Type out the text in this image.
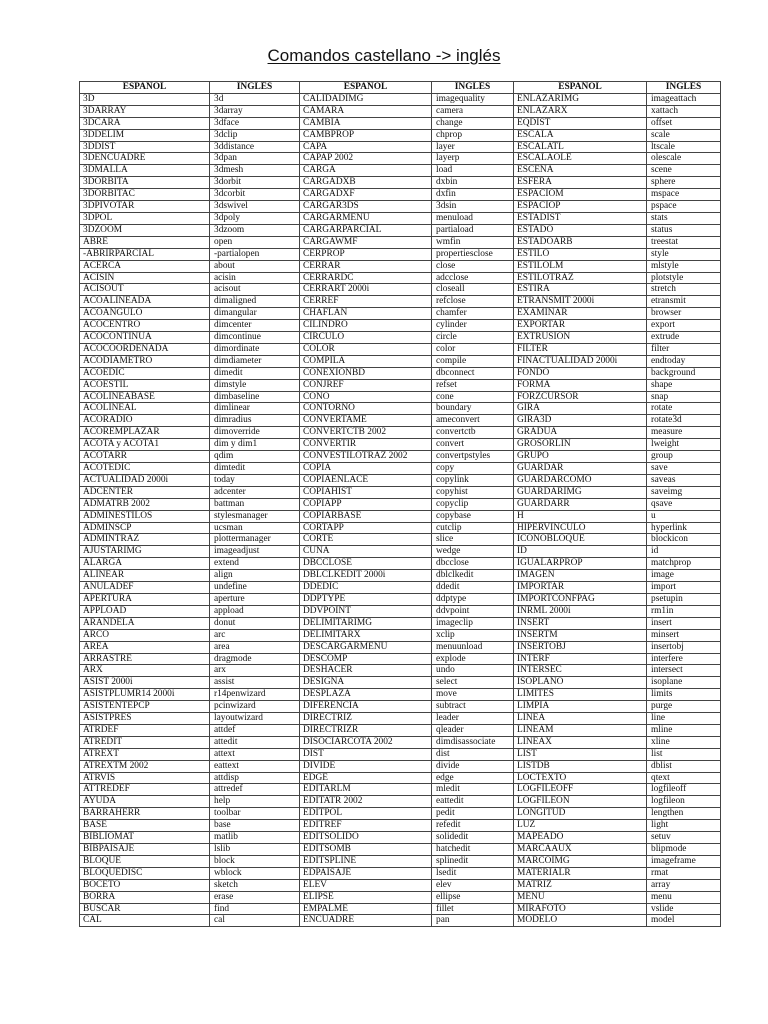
Comandos castellano -> inglés
ESPAÑOL	INGLÉS	ESPAÑOL	INGLÉS	ESPAÑOL	INGLÉS
3D	3d	CALIDADIMG	imagequality	ENLAZARIMG	imageattach
3DARRAY	3darray	CÁMARA	camera	ENLAZARX	xattach
3DCARA	3dface	CAMBIA	change	EQDIST	offset
3DDELIM	3dclip	CAMBPROP	chprop	ESCALA	scale
3DDIST	3ddistance	CAPA	layer	ESCALATL	ltscale
3DENCUADRE	3dpan	CAPAP 2002	layerp	ESCALAOLE	olescale
3DMALLA	3dmesh	CARGA	load	ESCENA	scene
3DÓRBITA	3dorbit	CARGADXB	dxbin	ESFERA	sphere
3DÓRBITAC	3dcorbit	CARGADXF	dxfin	ESPACIOM	mspace
3DPIVOTAR	3dswivel	CARGAR3DS	3dsin	ESPACIOP	pspace
3DPOL	3dpoly	CARGARMENÚ	menuload	ESTADIST	stats
3DZOOM	3dzoom	CARGARPARCIAL	partiaload	ESTADO	status
ABRE	open	CARGAWMF	wmfin	ESTADOARB	treestat
-ABRIRPARCIAL	-partialopen	CERPROP	propertiesclose	ESTILO	style
ACERCA	about	CERRAR	close	ESTILOLM	mlstyle
ACISIN	acisin	CERRARDC	adcclose	ESTILOTRAZ	plotstyle
ACISOUT	acisout	CERRART 2000i	closeall	ESTIRA	stretch
ACOALINEADA	dimaligned	CERREF	refclose	ETRANSMIT 2000i	etransmit
ACOÁNGULO	dimangular	CHAFLÁN	chamfer	EXAMINAR	browser
ACOCENTRO	dimcenter	CILINDRO	cylinder	EXPORTAR	export
ACOCONTINUA	dimcontinue	CÍRCULO	circle	EXTRUSIÓN	extrude
ACOCOORDENADA	dimordinate	COLOR	color	FILTER	filter
ACODIÁMETRO	dimdiameter	COMPILA	compile	FINACTUALIDAD 2000i	endtoday
ACOEDIC	dimedit	CONEXIÓNBD	dbconnect	FONDO	background
ACOESTIL	dimstyle	CONJREF	refset	FORMA	shape
ACOLINEABASE	dimbaseline	CONO	cone	FORZCURSOR	snap
ACOLINEAL	dimlinear	CONTORNO	boundary	GIRA	rotate
ACORADIO	dimradius	CONVERTAME	ameconvert	GIRA3D	rotate3d
ACOREMPLAZAR	dimoverride	CONVERTCTB 2002	convertctb	GRADÚA	measure
ACOTA y ACOTA1	dim y dim1	CONVERTIR	convert	GROSORLIN	lweight
ACOTARR	qdim	CONVESTILOTRAZ 2002	convertpstyles	GRUPO	group
ACOTEDIC	dimtedit	COPIA	copy	GUARDAR	save
ACTUALIDAD 2000i	today	COPIAENLACE	copylink	GUARDARCOMO	saveas
ADCENTER	adcenter	COPIAHIST	copyhist	GUARDARIMG	saveimg
ADMATRB 2002	battman	COPIAPP	copyclip	GUARDARR	qsave
ADMINESTILOS	stylesmanager	COPIARBASE	copybase	H	u
ADMINSCP	ucsman	CORTAPP	cutclip	HIPERVÍNCULO	hyperlink
ADMINTRAZ	plottermanager	CORTE	slice	ICONOBLOQUE	blockicon
AJUSTARIMG	imageadjust	CUÑA	wedge	ID	id
ALARGA	extend	DBCCLOSE	dbcclose	IGUALARPROP	matchprop
ALINEAR	align	DBLCLKEDIT 2000i	dblclkedit	IMAGEN	image
ANULADEF	undefine	DDEDIC	ddedit	IMPORTAR	import
APERTURA	aperture	DDPTYPE	ddptype	IMPORTCONFPAG	psetupin
APPLOAD	appload	DDVPOINT	ddvpoint	INRML 2000i	rm1in
ARANDELA	donut	DELIMITARIMG	imageclip	INSERT	insert
ARCO	arc	DELIMITARX	xclip	INSERTM	minsert
ÁREA	area	DESCARGARMENÚ	menuunload	INSERTOBJ	insertobj
ARRASTRE	dragmode	DESCOMP	explode	INTERF	interfere
ARX	arx	DESHACER	undo	INTERSEC	intersect
ASIST 2000i	assist	DESIGNA	select	ISOPLANO	isoplane
ASISTPLUMR14 2000i	r14penwizard	DESPLAZA	move	LÍMITES	limits
ASISTENTEPCP	pcinwizard	DIFERENCIA	subtract	LIMPIA	purge
ASISTPRES	layoutwizard	DIRECTRIZ	leader	LÍNEA	line
ATRDEF	attdef	DIRECTRIZR	qleader	LINEAM	mline
ATREDIT	attedit	DISOCIARCOTA 2002	dimdisassociate	LÍNEAX	xline
ATREXT	attext	DIST	dist	LIST	list
ATREXTM 2002	eattext	DIVIDE	divide	LISTDB	dblist
ATRVIS	attdisp	EDGE	edge	LOCTEXTO	qtext
ATTREDEF	attredef	EDITARLM	mledit	LOGFILEOFF	logfileoff
AYUDA	help	EDITATR 2002	eattedit	LOGFILEON	logfileon
BARRAHERR	toolbar	EDITPOL	pedit	LONGITUD	lengthen
BASE	base	EDITREF	refedit	LUZ	light
BIBLIOMAT	matlib	EDITSÓLIDO	solidedit	MAPEADO	setuv
BIBPAISAJE	lslib	EDITSOMB	hatchedit	MARCAAUX	blipmode
BLOQUE	block	EDITSPLINE	splinedit	MARCOIMG	imageframe
BLOQUEDISC	wblock	EDPAISAJE	lsedit	MATERIALR	rmat
BOCETO	sketch	ELEV	elev	MATRIZ	array
BORRA	erase	ELIPSE	ellipse	MENÚ	menu
BUSCAR	find	EMPALME	fillet	MIRAFOTO	vslide
CAL	cal	ENCUADRE	pan	MODELO	model
